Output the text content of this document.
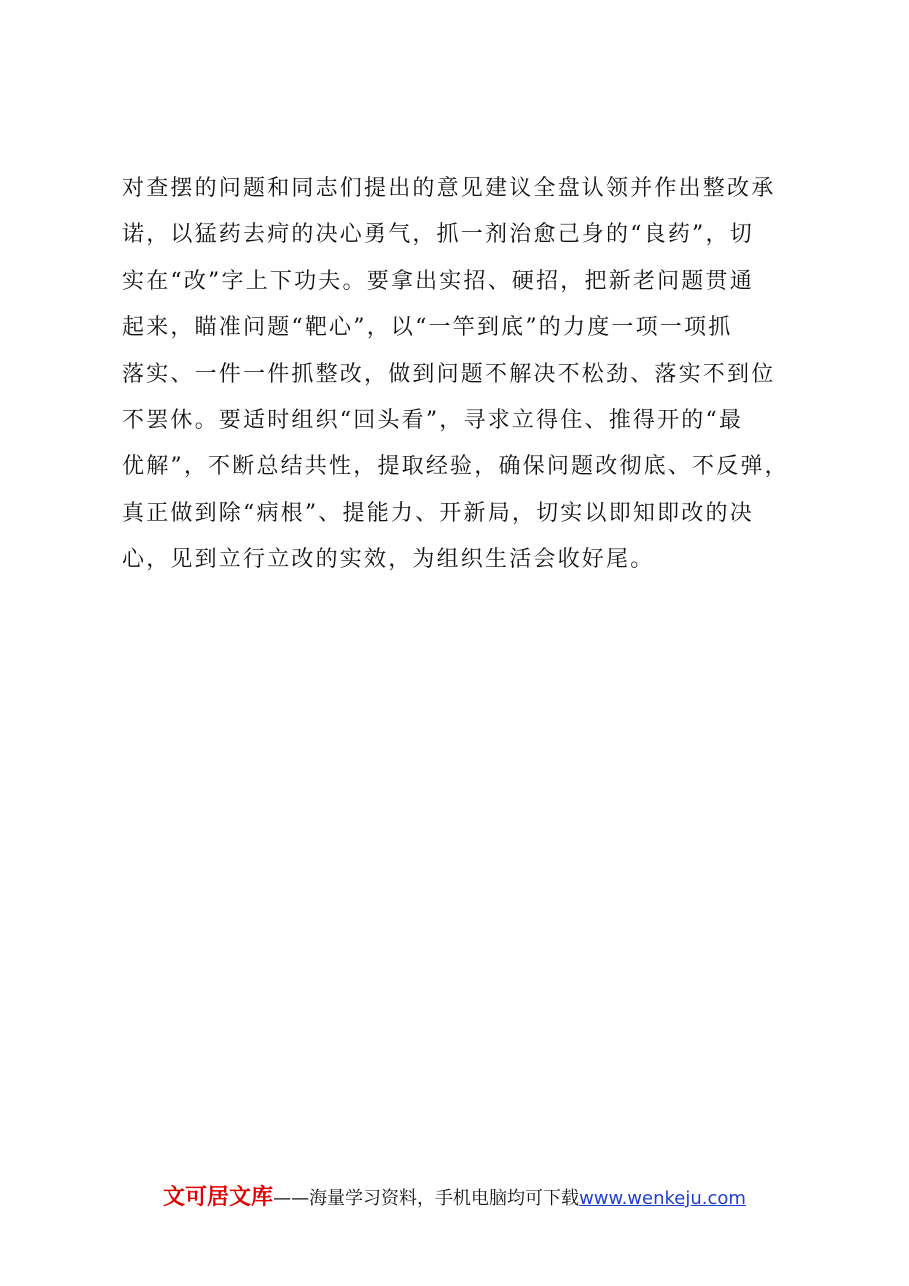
对查摆的问题和同志们提出的意见建议全盘认领并作出整改承
诺，以猛药去疴的决心勇气，抓一剂治愈己身的“良药”，切
实在“改”字上下功夫。要拿出实招、硬招，把新老问题贯通
起来，瞄准问题“靶心”，以“一竿到底”的力度一项一项抓
落实、一件一件抓整改，做到问题不解决不松劲、落实不到位
不罢休。要适时组织“回头看”，寻求立得住、推得开的“最
优解”，不断总结共性，提取经验，确保问题改彻底、不反弹，
真正做到除“病根”、提能力、开新局，切实以即知即改的决
心，见到立行立改的实效，为组织生活会收好尾。
文可居文库——海量学习资料，手机电脑均可下载www.wenkeju.com
